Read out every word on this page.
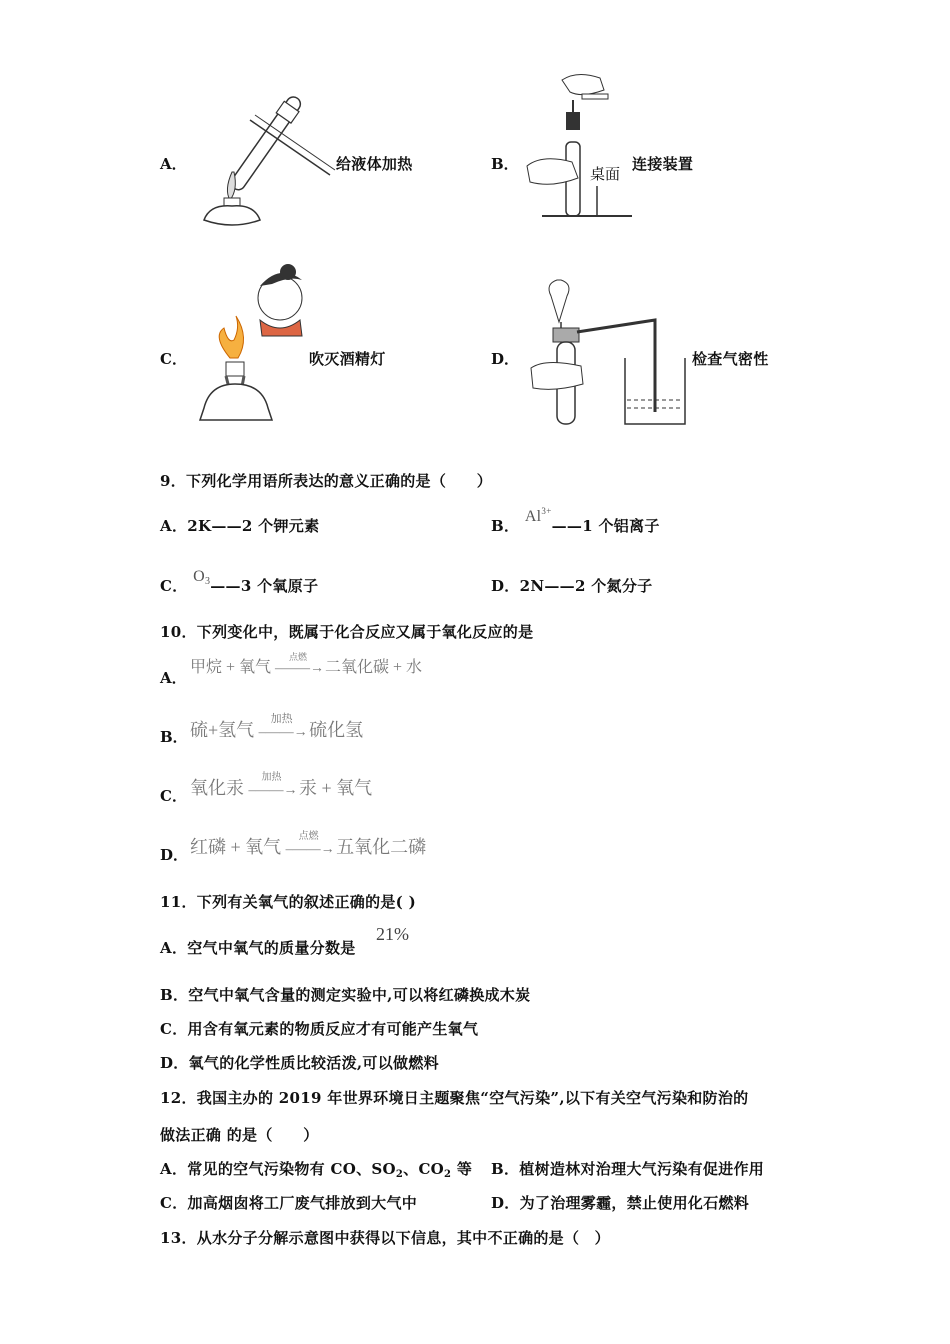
A．	给液体加热	B．
桌面
连接装置
C．	吹灭酒精灯	D．	检查气密性
9．下列化学用语所表达的意义正确的是（　　）
A．2K——2 个钾元素	B． $Al^{3+}——1$ 个铝离子
C． $O_3——3$ 个氧原子	D．2N——2 个氮分子
10．下列变化中，既属于化合反应又属于氧化反应的是
A．
甲烷 + 氧气
点燃
–――→ 二氧化碳 + 水
B． 硫+氢气
加热
–――→ 硫化氢
C． 氧化汞
加热
–――→ 汞 + 氧气
D． 红磷 + 氧气
点燃
–――→ 五氧化二磷
11．下列有关氧气的叙述正确的是( )
A．空气中氧气的质量分数是
21%
B．空气中氧气含量的测定实验中,可以将红磷换成木炭
C．用含有氧元素的物质反应才有可能产生氧气
D．氧气的化学性质比较活泼,可以做燃料
12．我国主办的 2019 年世界环境日主题聚焦“空气污染”,以下有关空气污染和防治的
做法正确 的是（　　）
A．常见的空气污染物有 CO、$SO_2$、$CO_2$ 等 B．植树造林对治理大气污染有促进作用
C．加高烟囱将工厂废气排放到大气中	D．为了治理雾霾，禁止使用化石燃料
13．从水分子分解示意图中获得以下信息，其中不正确的是（　）
